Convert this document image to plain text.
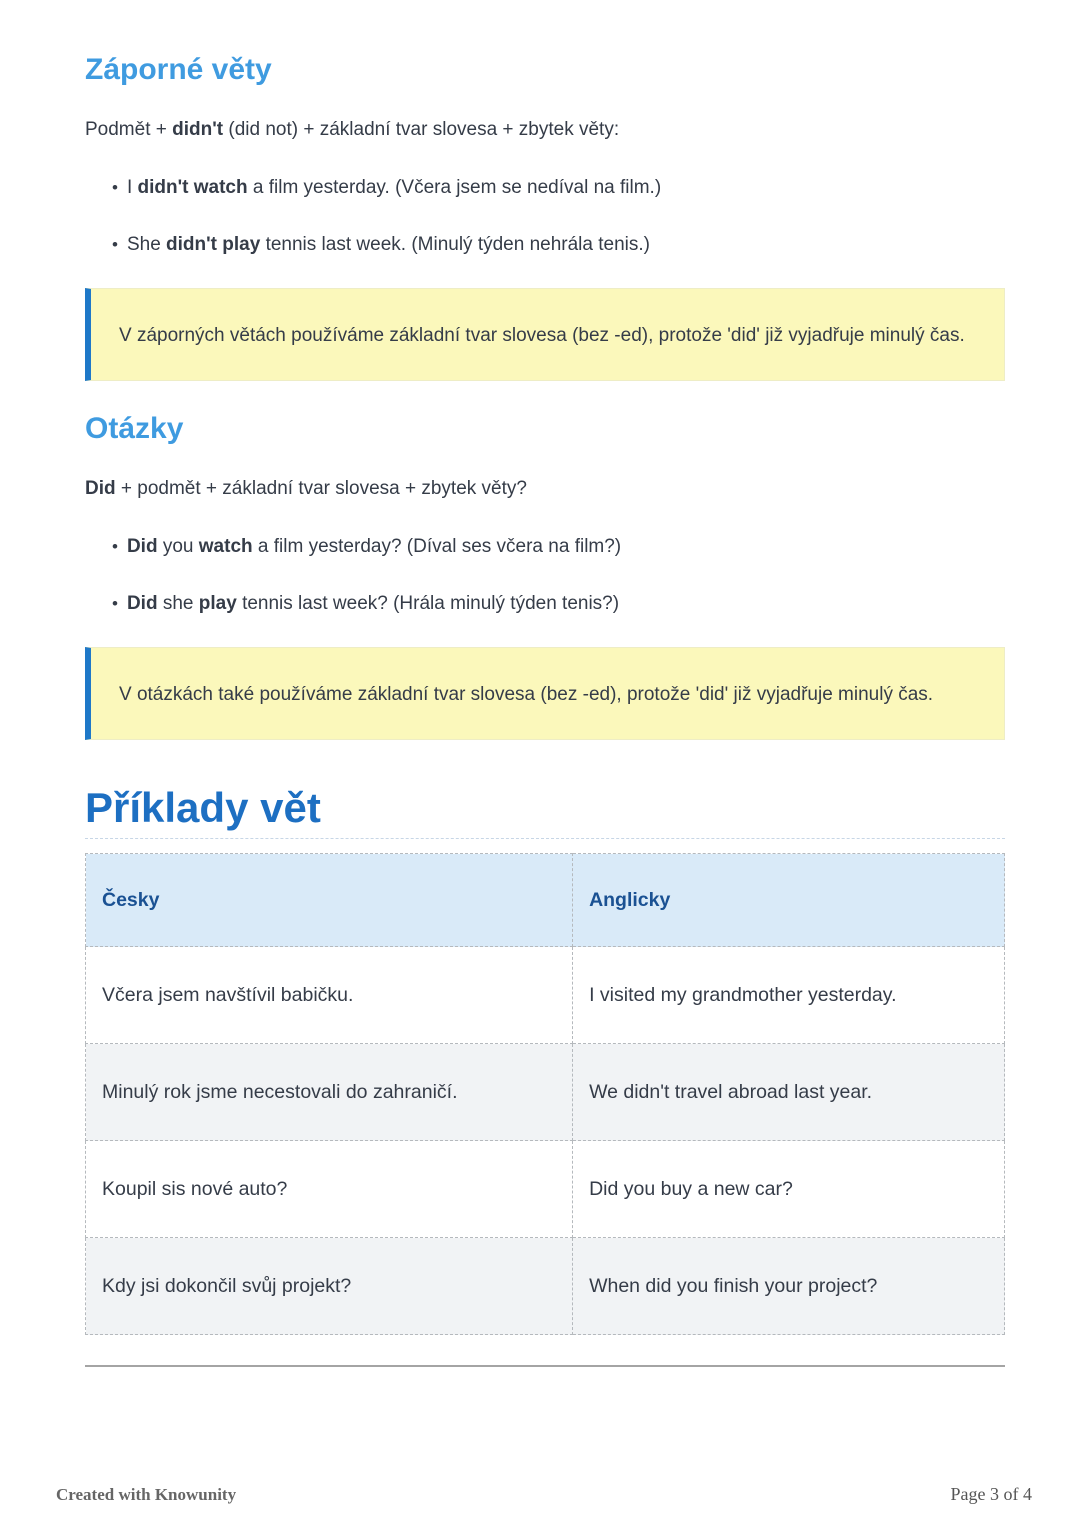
Záporné věty

Podmět + didn't (did not) + základní tvar slovesa + zbytek věty:

• I didn't watch a film yesterday. (Včera jsem se nedíval na film.)
• She didn't play tennis last week. (Minulý týden nehrála tenis.)
V záporných větách používáme základní tvar slovesa (bez -ed), protože 'did' již vyjadřuje minulý čas.
Otázky

Did + podmět + základní tvar slovesa + zbytek věty?

• Did you watch a film yesterday? (Díval ses včera na film?)
• Did she play tennis last week? (Hrála minulý týden tenis?)
V otázkách také používáme základní tvar slovesa (bez -ed), protože 'did' již vyjadřuje minulý čas.
Příklady vět
Česky	Anglicky
Včera jsem navštívil babičku.	I visited my grandmother yesterday.
Minulý rok jsme necestovali do zahraničí.	We didn't travel abroad last year.
Koupil sis nové auto?	Did you buy a new car?
Kdy jsi dokončil svůj projekt?	When did you finish your project?
Created with Knowunity	Page 3 of 4
